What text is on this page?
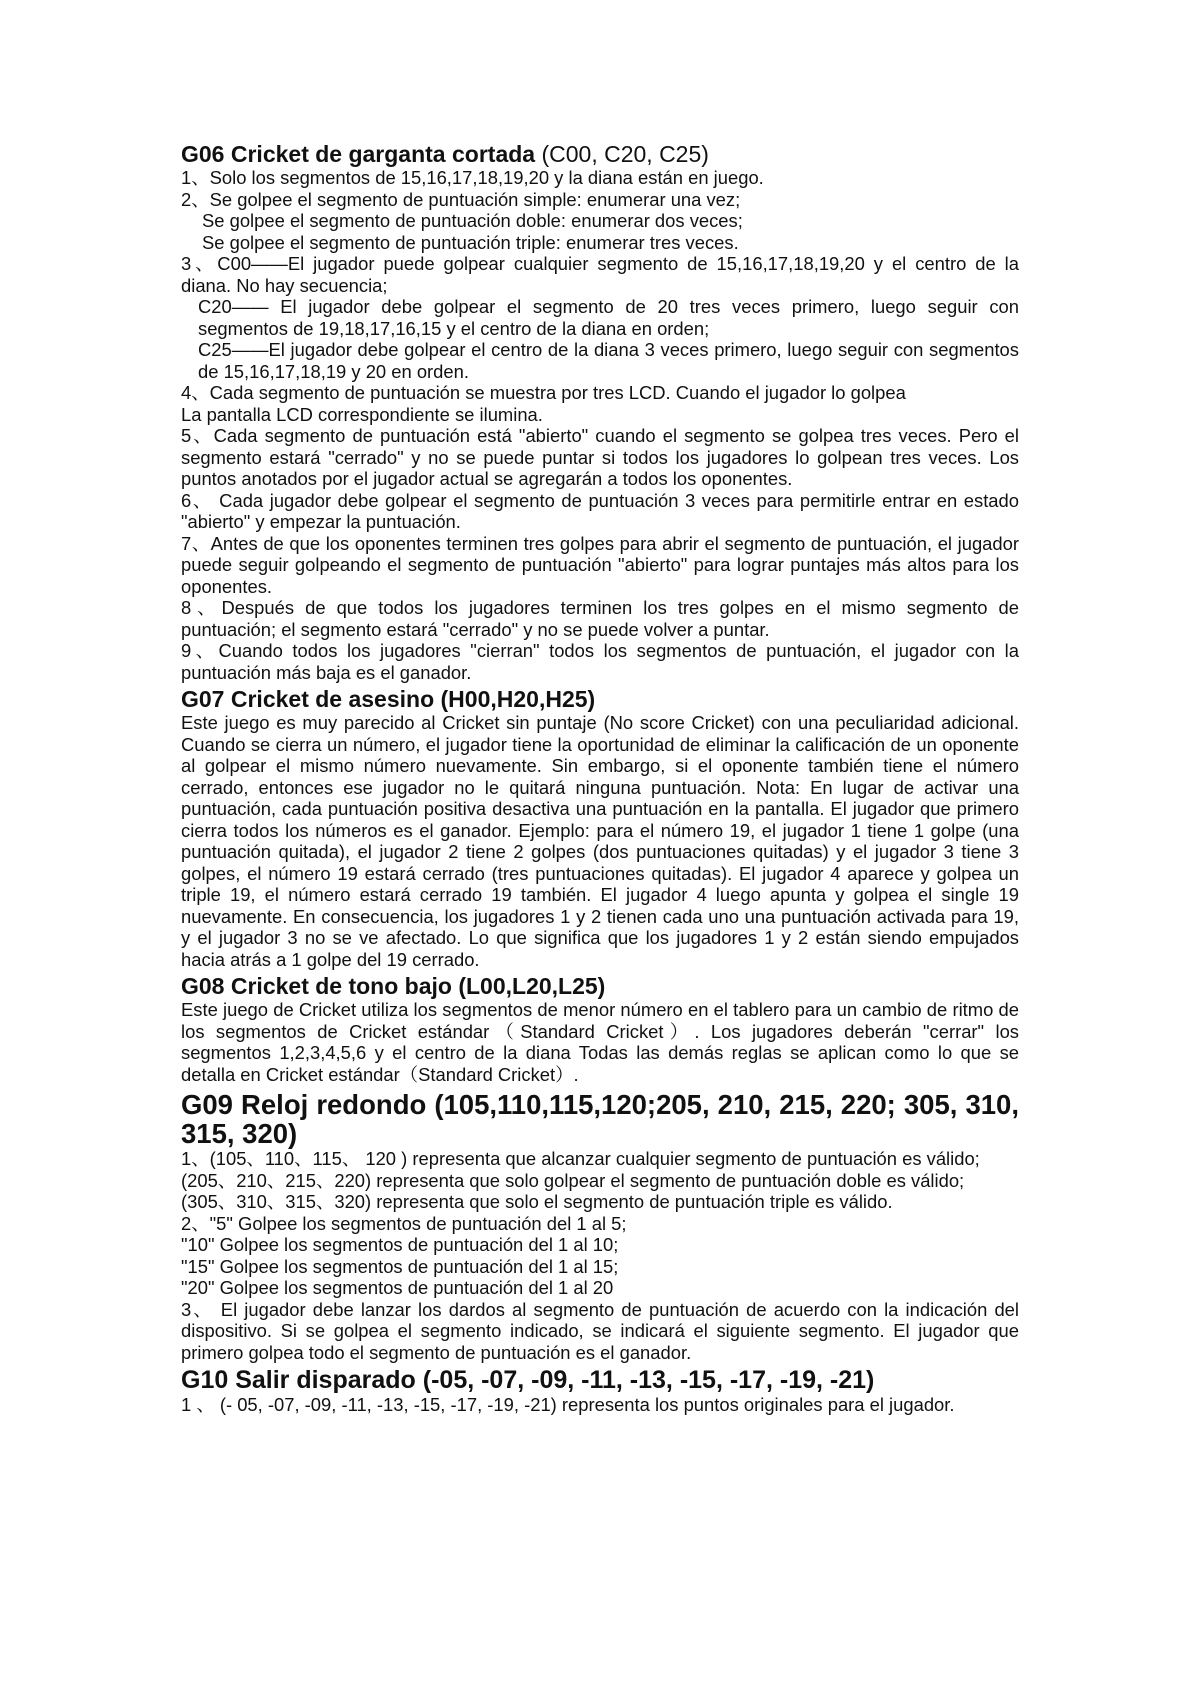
G06 Cricket de garganta cortada (C00, C20, C25)

1、Solo los segmentos de 15,16,17,18,19,20 y la diana están en juego.

2、Se golpee el segmento de puntuación simple: enumerar una vez;

Se golpee el segmento de puntuación doble: enumerar dos veces;

Se golpee el segmento de puntuación triple: enumerar tres veces.

3、C00——El jugador puede golpear cualquier segmento de 15,16,17,18,19,20 y el centro de la diana. No hay secuencia;

C20—— El jugador debe golpear el segmento de 20 tres veces primero, luego seguir con segmentos de 19,18,17,16,15 y el centro de la diana en orden;

C25——El jugador debe golpear el centro de la diana 3 veces primero, luego seguir con segmentos de 15,16,17,18,19 y 20 en orden.

4、Cada segmento de puntuación se muestra por tres LCD. Cuando el jugador lo golpea

La pantalla LCD correspondiente se ilumina.

5、Cada segmento de puntuación está "abierto" cuando el segmento se golpea tres veces. Pero el segmento estará "cerrado" y no se puede puntar si todos los jugadores lo golpean tres veces. Los puntos anotados por el jugador actual se agregarán a todos los oponentes.

6、 Cada jugador debe golpear el segmento de puntuación 3 veces para permitirle entrar en estado "abierto" y empezar la puntuación.

7、Antes de que los oponentes terminen tres golpes para abrir el segmento de puntuación, el jugador puede seguir golpeando el segmento de puntuación "abierto" para lograr puntajes más altos para los oponentes.

8、Después de que todos los jugadores terminen los tres golpes en el mismo segmento de puntuación; el segmento estará "cerrado" y no se puede volver a puntar.

9、Cuando todos los jugadores "cierran" todos los segmentos de puntuación, el jugador con la puntuación más baja es el ganador.

G07 Cricket de asesino (H00,H20,H25)

Este juego es muy parecido al Cricket sin puntaje (No score Cricket) con una peculiaridad adicional. Cuando se cierra un número, el jugador tiene la oportunidad de eliminar la calificación de un oponente al golpear el mismo número nuevamente. Sin embargo, si el oponente también tiene el número cerrado, entonces ese jugador no le quitará ninguna puntuación. Nota: En lugar de activar una puntuación, cada puntuación positiva desactiva una puntuación en la pantalla. El jugador que primero cierra todos los números es el ganador. Ejemplo: para el número 19, el jugador 1 tiene 1 golpe (una puntuación quitada), el jugador 2 tiene 2 golpes (dos puntuaciones quitadas) y el jugador 3 tiene 3 golpes, el número 19 estará cerrado (tres puntuaciones quitadas). El jugador 4 aparece y golpea un triple 19, el número estará cerrado 19 también. El jugador 4 luego apunta y golpea el single 19 nuevamente. En consecuencia, los jugadores 1 y 2 tienen cada uno una puntuación activada para 19, y el jugador 3 no se ve afectado. Lo que significa que los jugadores 1 y 2 están siendo empujados hacia atrás a 1 golpe del 19 cerrado.

G08 Cricket de tono bajo (L00,L20,L25)

Este juego de Cricket utiliza los segmentos de menor número en el tablero para un cambio de ritmo de los segmentos de Cricket estándar（Standard Cricket）. Los jugadores deberán "cerrar" los segmentos 1,2,3,4,5,6 y el centro de la diana Todas las demás reglas se aplican como lo que se detalla en Cricket estándar（Standard Cricket）.

G09 Reloj redondo (105,110,115,120;205, 210, 215, 220; 305, 310, 315, 320)

1、(105、110、115、 120 ) representa que alcanzar cualquier segmento de puntuación es válido;

(205、210、215、220) representa que solo golpear el segmento de puntuación doble es válido;

(305、310、315、320) representa que solo el segmento de puntuación triple es válido.

2、"5" Golpee los segmentos de puntuación del 1 al 5;

"10" Golpee los segmentos de puntuación del 1 al 10;

"15" Golpee los segmentos de puntuación del 1 al 15;

"20" Golpee los segmentos de puntuación del 1 al 20

3、 El jugador debe lanzar los dardos al segmento de puntuación de acuerdo con la indicación del dispositivo. Si se golpea el segmento indicado, se indicará el siguiente segmento. El jugador que primero golpea todo el segmento de puntuación es el ganador.

G10 Salir disparado (-05, -07, -09, -11, -13, -15, -17, -19, -21)

1 、 (- 05, -07, -09, -11, -13, -15, -17, -19, -21) representa los puntos originales para el jugador.
